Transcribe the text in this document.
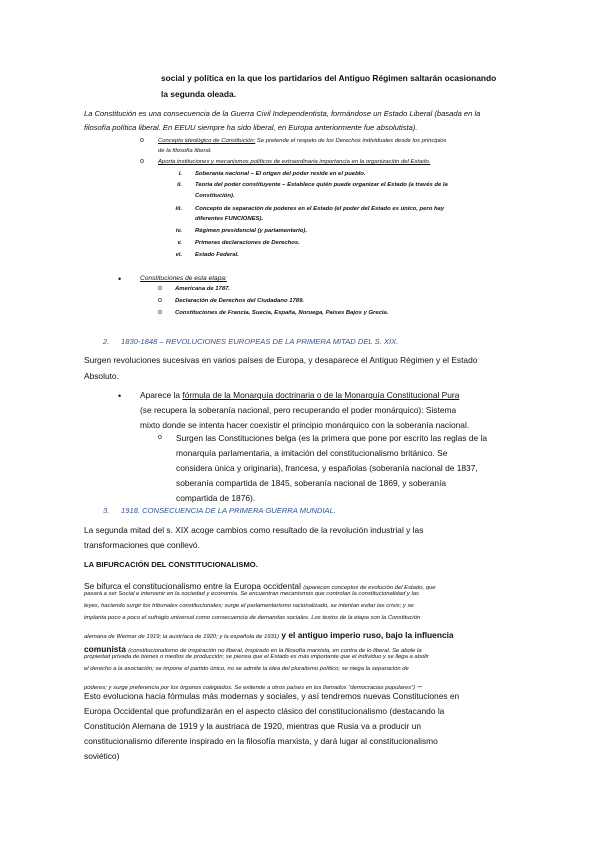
social y política en la que los partidarios del Antiguo Régimen saltarán ocasionando

la segunda oleada.

La Constitución es una consecuencia de la Guerra Civil Independentista, formándose un Estado Liberal (basada en la

filosofía política liberal. En EEUU siempre ha sido liberal, en Europa anteriormente fue absolutista).

o Concepto ideológico de Constitución: Se pretende el respeto de los Derechos individuales desde los principios

de la filosofía liberal.

o Aporta instituciones y mecanismos políticos de extraordinaria importancia en la organización del Estado.

i. Soberanía nacional – El origen del poder reside en el pueblo.

ii. Teoría del poder constituyente – Establece quién puede organizar el Estado (a través de la

Constitución).

iii. Concepto de separación de poderes en el Estado (el poder del Estado es único, pero hay

diferentes FUNCIONES).

iv. Régimen presidencial (y parlamentario).

v. Primeras declaraciones de Derechos.

vi. Estado Federal.

•	Constituciones de esta etapa:

o Americana de 1787.

o Declaración de Derechos del Ciudadano 1789.

o Constituciones de Francia, Suecia, España, Noruega, Países Bajos y Grecia.

2. 1830-1848 – REVOLUCIONES EUROPEAS DE LA PRIMERA MITAD DEL S. XIX.

Surgen revoluciones sucesivas en varios países de Europa, y desaparece el Antiguo Régimen y el Estado

Absoluto.

• Aparece la fórmula de la Monarquía doctrinaria o de la Monarquía Constitucional Pura

(se recupera la soberanía nacional, pero recuperando el poder monárquico): Sistema

mixto donde se intenta hacer coexistir el principio monárquico con la soberanía nacional.

o Surgen las Constituciones belga (es la primera que pone por escrito las reglas de la

monarquía parlamentaria, a imitación del constitucionalismo británico. Se

considera única y originaria), francesa, y españolas (soberanía nacional de 1837,

soberanía compartida de 1845, soberanía nacional de 1869, y soberanía

compartida de 1876).

3. 1918. CONSECUENCIA DE LA PRIMERA GUERRA MUNDIAL.

La segunda mitad del s. XIX acoge cambios como resultado de la revolución industrial y las

transformaciones que conllevó.

LA BIFURCACIÓN DEL CONSTITUCIONALISMO.

Se bifurca el constitucionalismo entre la Europa occidental (aparecen conceptos de evolución del Estado, que

pasará a ser Social e intervenir en la sociedad y economía. Se encuentran mecanismos que controlan la constitucionalidad y las

leyes, haciendo surgir los tribunales constitucionales; surge el parlamentarismo racionalizado, se intentan evitar las crisis; y se

implanta poco a poco el sufragio universal como consecuencia de demandas sociales. Los textos de la etapa son la Constitución

alemana de Weimar de 1919; la austríaca de 1920; y la española de 1931) y el antiguo imperio ruso, bajo la influencia

comunista (constitucionalismo de inspiración no liberal, inspirado en la filosofía marxista, en contra de lo liberal. Se abole la

propiedad privada de bienes o medios de producción; se piensa que el Estado es más importante que el individuo y se llega a abolir

el derecho a la asociación; se impone el partido único, no se admite la idea del pluralismo político; se niega la separación de

poderes; y surge preferencia por los órganos colegiados. Se extiende a otros países en los llamados “democracias populares”) –

Esto evoluciona hacia fórmulas más modernas y sociales, y así tendremos nuevas Constituciones en

Europa Occidental que profundizarán en el aspecto clásico del constitucionalismo (destacando la

Constitución Alemana de 1919 y la austriaca de 1920, mientras que Rusia va a producir un

constitucionalismo diferente inspirado en la filosofía marxista, y dará lugar al constitucionalismo

soviético)
